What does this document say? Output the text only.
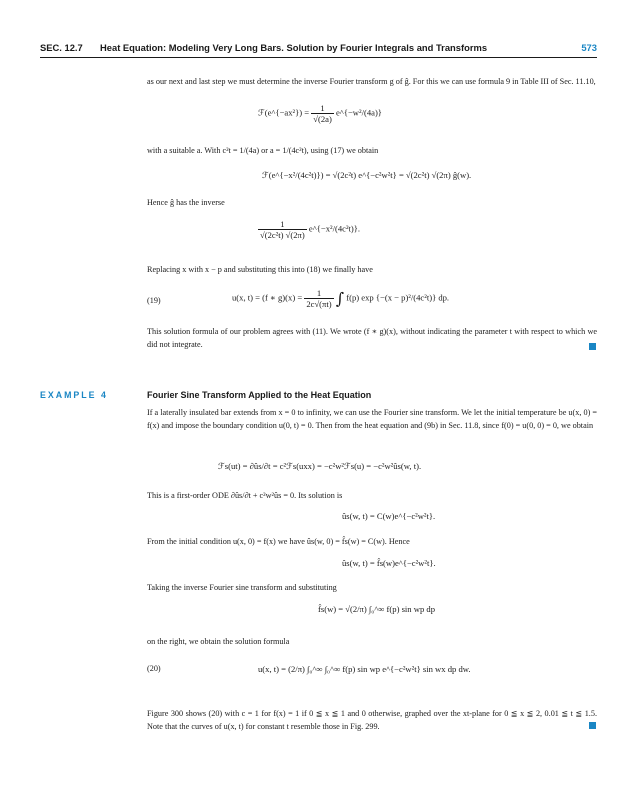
SEC. 12.7 Heat Equation: Modeling Very Long Bars. Solution by Fourier Integrals and Transforms	573
as our next and last step we must determine the inverse Fourier transform g of ĝ. For this we can use formula 9 in Table III of Sec. 11.10,
ℱ(e^{−ax²}) = $\frac{1}{√(2a)}$ e^{−w²/(4a)}
with a suitable a. With c²t = 1/(4a) or a = 1/(4c²t), using (17) we obtain
ℱ(e^{−x²/(4c²t)}) = √(2c²t) e^{−c²w²t} = √(2c²t) √(2π) ĝ(w).
Hence ĝ has the inverse
$\frac{1}{\text{√(2c²t) √(2π)}}$ e^{−x²/(4c²t)}.
Replacing x with x − p and substituting this into (18) we finally have
(19)	u(x, t) = (f ∗ $g)(x) = \frac{1}{2c√(\pi t)}$ ∫ f(p) exp {−(x − p)²/(4c²t)} dp.
This solution formula of our problem agrees with (11). We wrote (f ∗ g)(x), without indicating the parameter t with respect to which we did not integrate.
EXAMPLE 4	Fourier Sine Transform Applied to the Heat Equation
If a laterally insulated bar extends from x = 0 to infinity, we can use the Fourier sine transform. We let the initial temperature be u(x, 0) = f(x) and impose the boundary condition u(0, t) = 0. Then from the heat equation and (9b) in Sec. 11.8, since f(0) = u(0, 0) = 0, we obtain
ℱs(ut) = ∂ûs/∂t = c²ℱs(uxx) = −c²w²ℱs(u) = −c²w²ûs(w, t).
This is a first-order ODE ∂ûs/∂t + c²w²ûs = 0. Its solution is
ûs(w, t) = C(w)e^{−c²w²t}.
From the initial condition u(x, 0) = f(x) we have ûs(w, 0) = f̂s(w) = C(w). Hence
ûs(w, t) = f̂s(w)e^{−c²w²t}.
Taking the inverse Fourier sine transform and substituting
f̂s(w) = √(2/π) ∫₀^∞ f(p) sin wp dp
on the right, we obtain the solution formula
(20)	u(x, t) = (2/π) ∫₀^∞ ∫₀^∞ f(p) sin wp e^{−c²w²t} sin wx dp dw.
Figure 300 shows (20) with c = 1 for f(x) = 1 if 0 ≦ x ≦ 1 and 0 otherwise, graphed over the xt-plane for 0 ≦ x ≦ 2, 0.01 ≦ t ≦ 1.5. Note that the curves of u(x, t) for constant t resemble those in Fig. 299.
